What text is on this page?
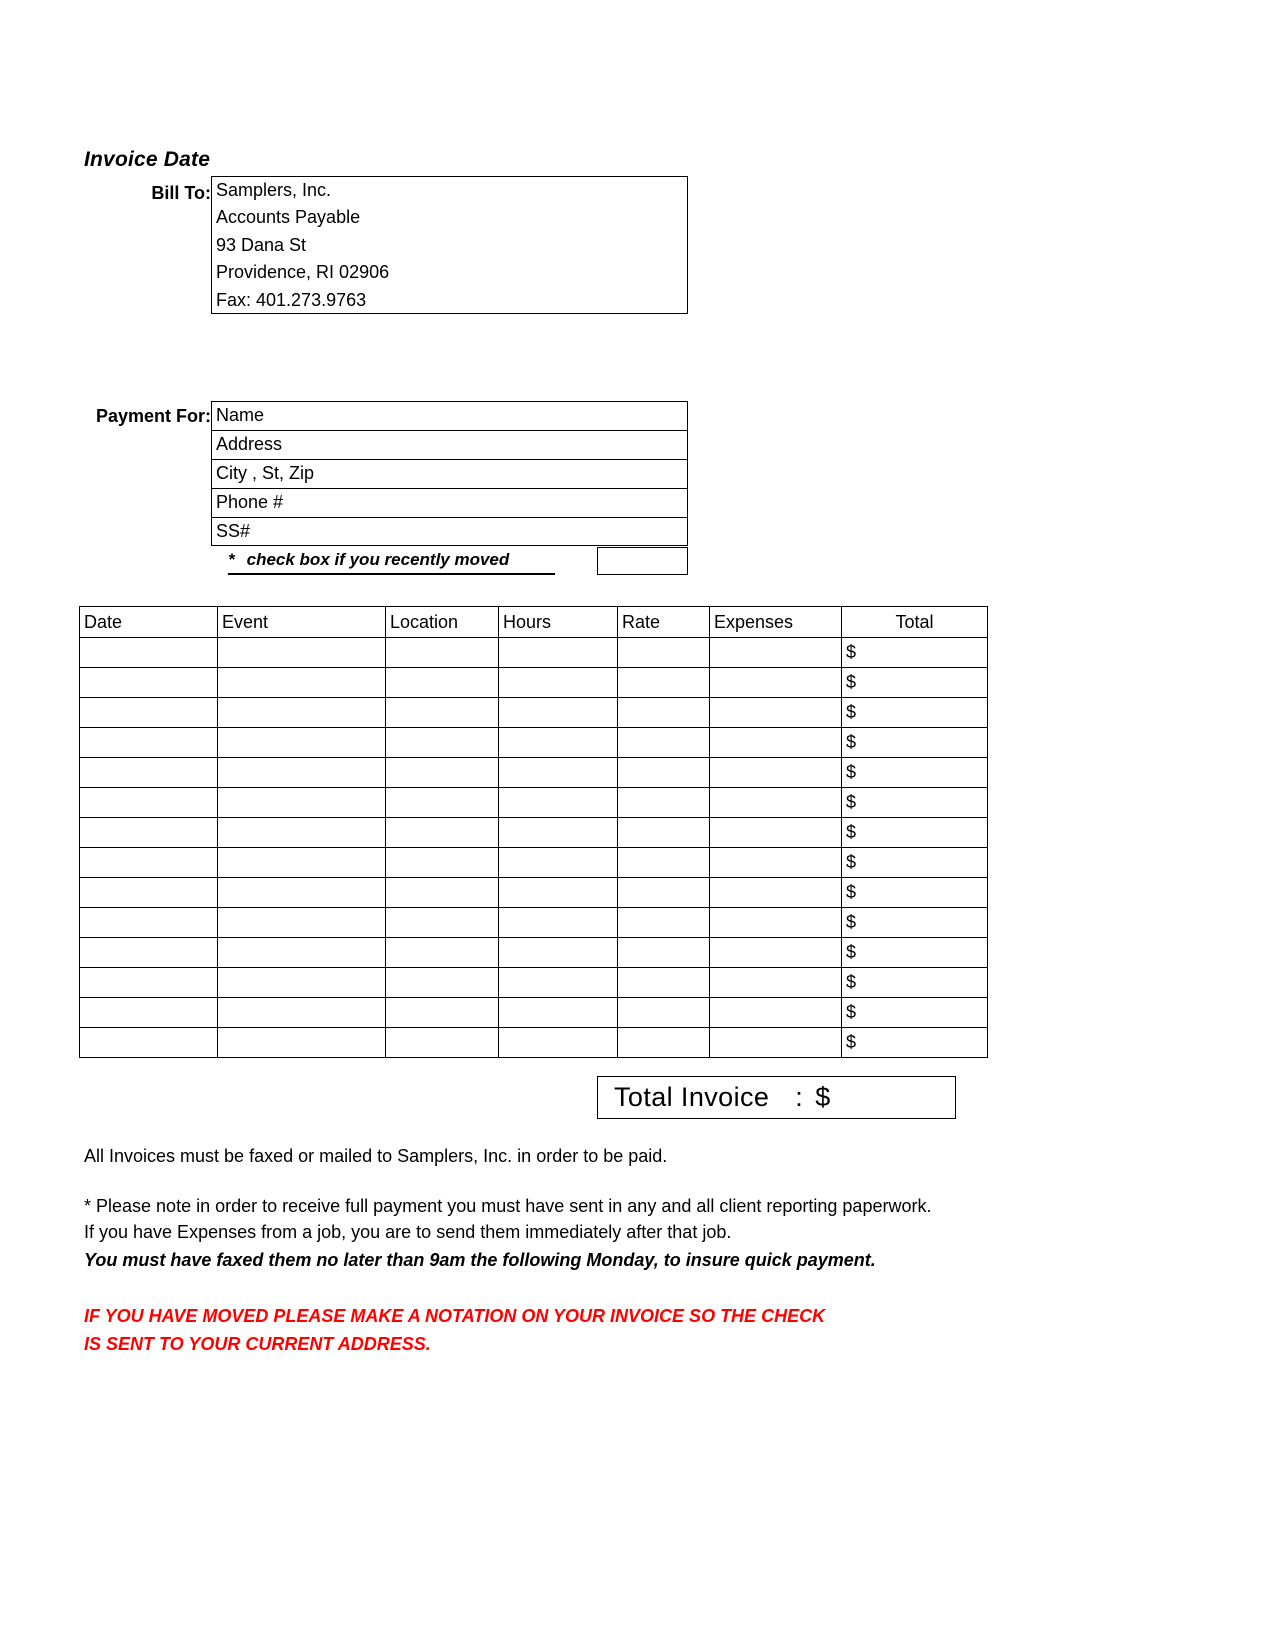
Invoice Date
Bill To: Samplers, Inc.
Accounts Payable
93 Dana St
Providence, RI 02906
Fax: 401.273.9763
Payment For: Name
Address
City , St, Zip
Phone #
SS#
* check box if you recently moved
Date	Event	Location	Hours	Rate	Expenses	Total
						$
						$
						$
						$
						$
						$
						$
						$
						$
						$
						$
						$
						$
						$
Total Invoice : $
All Invoices must be faxed or mailed to Samplers, Inc. in order to be paid.
* Please note in order to receive full payment you must have sent in any and all client reporting paperwork.
If you have Expenses from a job, you are to send them immediately after that job.
You must have faxed them no later than 9am the following Monday, to insure quick payment.
IF YOU HAVE MOVED PLEASE MAKE A NOTATION ON YOUR INVOICE SO THE CHECK
IS SENT TO YOUR CURRENT ADDRESS.
